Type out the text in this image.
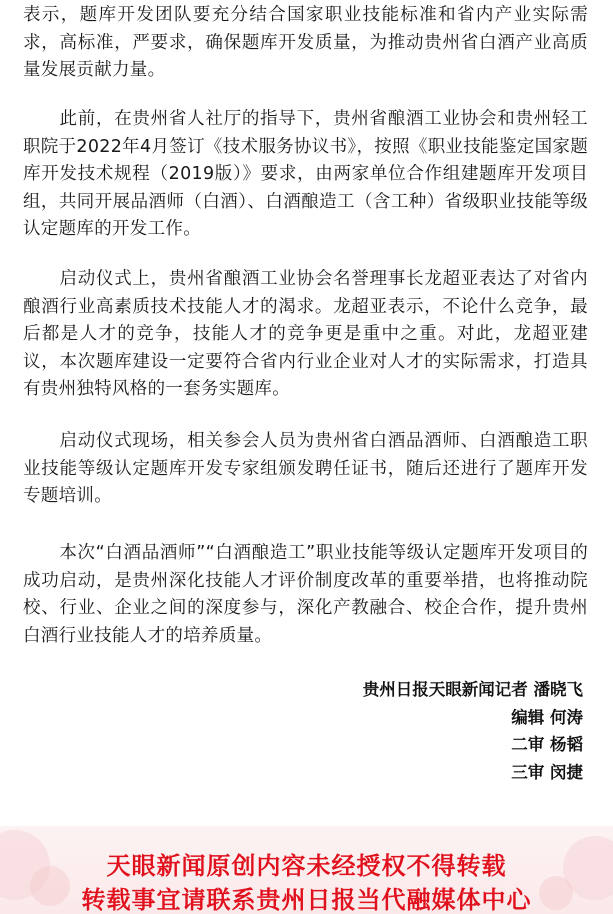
表示，题库开发团队要充分结合国家职业技能标准和省内产业实际需求，高标准，严要求，确保题库开发质量，为推动贵州省白酒产业高质量发展贡献力量。

　　此前，在贵州省人社厅的指导下，贵州省酿酒工业协会和贵州轻工职院于2022年4月签订《技术服务协议书》，按照《职业技能鉴定国家题库开发技术规程（2019版）》要求，由两家单位合作组建题库开发项目组，共同开展品酒师（白酒）、白酒酿造工（含工种）省级职业技能等级认定题库的开发工作。

　　启动仪式上，贵州省酿酒工业协会名誉理事长龙超亚表达了对省内酿酒行业高素质技术技能人才的渴求。龙超亚表示，不论什么竞争，最后都是人才的竞争，技能人才的竞争更是重中之重。对此，龙超亚建议，本次题库建设一定要符合省内行业企业对人才的实际需求，打造具有贵州独特风格的一套务实题库。

　　启动仪式现场，相关参会人员为贵州省白酒品酒师、白酒酿造工职业技能等级认定题库开发专家组颁发聘任证书，随后还进行了题库开发专题培训。

　　本次“白酒品酒师”“白酒酿造工”职业技能等级认定题库开发项目的成功启动，是贵州深化技能人才评价制度改革的重要举措，也将推动院校、行业、企业之间的深度参与，深化产教融合、校企合作，提升贵州白酒行业技能人才的培养质量。

贵州日报天眼新闻记者 潘晓飞
编辑 何涛
二审 杨韬
三审 闵捷
天眼新闻原创内容未经授权不得转载
转载事宜请联系贵州日报当代融媒体中心
